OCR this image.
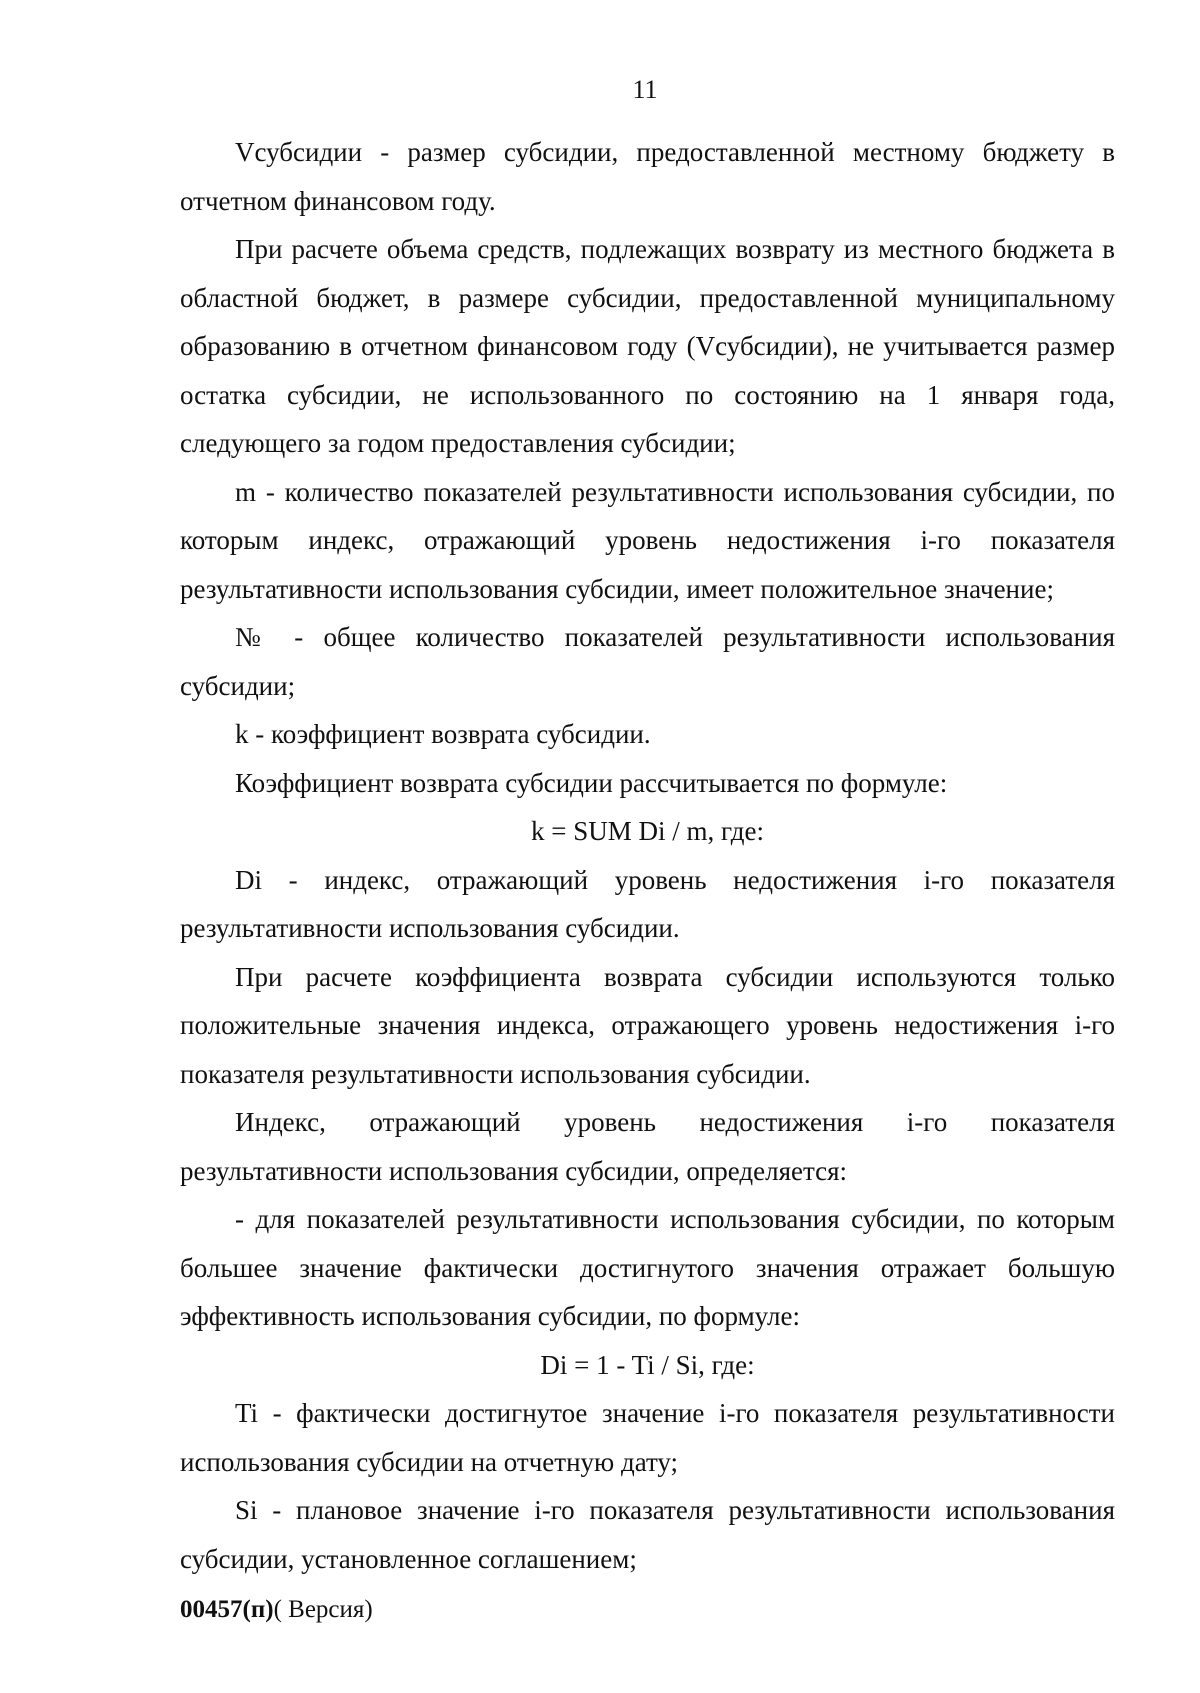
11

Vсубсидии - размер субсидии, предоставленной местному бюджету в отчетном финансовом году.

При расчете объема средств, подлежащих возврату из местного бюджета в областной бюджет, в размере субсидии, предоставленной муниципальному образованию в отчетном финансовом году (Vсубсидии), не учитывается размер остатка субсидии, не использованного по состоянию на 1 января года, следующего за годом предоставления субсидии;

m - количество показателей результативности использования субсидии, по которым индекс, отражающий уровень недостижения i-го показателя результативности использования субсидии, имеет положительное значение;

№ - общее количество показателей результативности использования субсидии;

k - коэффициент возврата субсидии.

Коэффициент возврата субсидии рассчитывается по формуле:

k = SUM Di / m, где:

Di - индекс, отражающий уровень недостижения i-го показателя результативности использования субсидии.

При расчете коэффициента возврата субсидии используются только положительные значения индекса, отражающего уровень недостижения i-го показателя результативности использования субсидии.

Индекс, отражающий уровень недостижения i-го показателя результативности использования субсидии, определяется:

- для показателей результативности использования субсидии, по которым большее значение фактически достигнутого значения отражает большую эффективность использования субсидии, по формуле:

Di = 1 - Ti / Si, где:

Ti - фактически достигнутое значение i-го показателя результативности использования субсидии на отчетную дату;

Si - плановое значение i-го показателя результативности использования субсидии, установленное соглашением;

00457(п)( Версия)
